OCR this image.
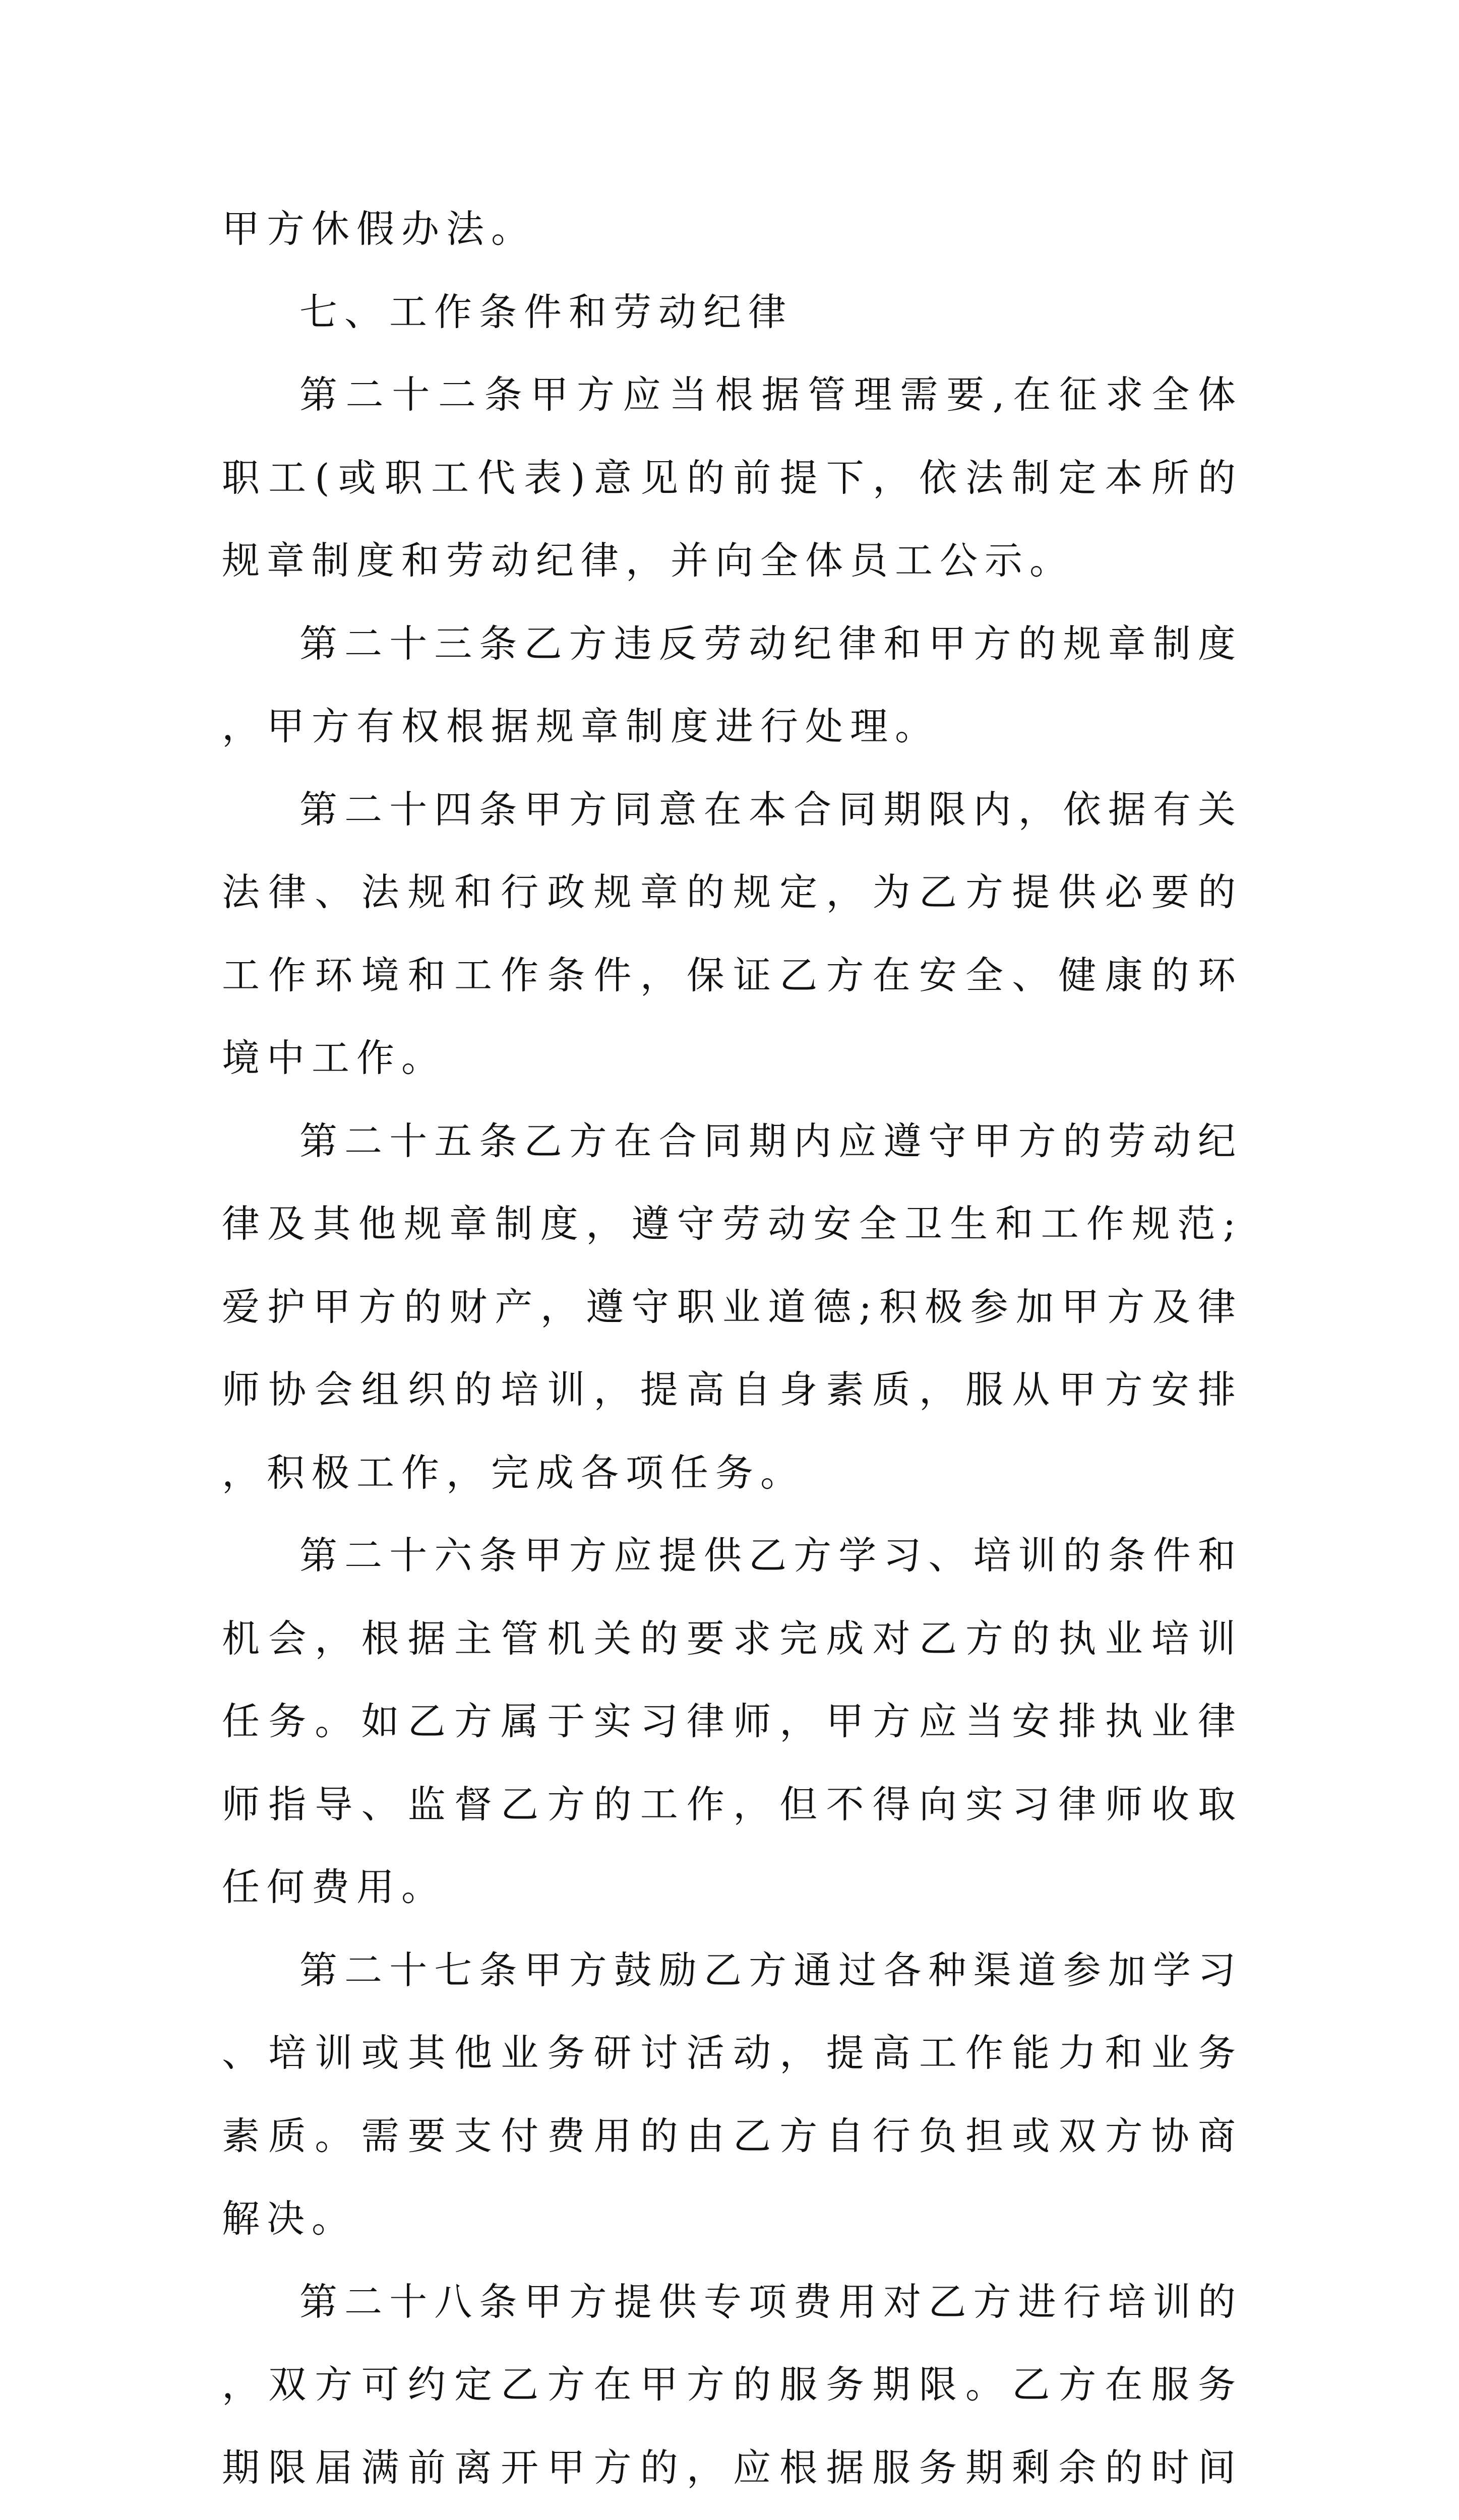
甲方休假办法。

七、工作条件和劳动纪律

第二十二条甲方应当根据管理需要,在征求全体职工(或职工代表)意见的前提下，依法制定本所的规章制度和劳动纪律，并向全体员工公示。

第二十三条乙方违反劳动纪律和甲方的规章制度，甲方有权根据规章制度进行处理。

第二十四条甲方同意在本合同期限内，依据有关法律、法规和行政规章的规定，为乙方提供必要的工作环境和工作条件，保证乙方在安全、健康的环境中工作。

第二十五条乙方在合同期内应遵守甲方的劳动纪律及其他规章制度，遵守劳动安全卫生和工作规范;爱护甲方的财产，遵守职业道德;积极参加甲方及律师协会组织的培训，提高自身素质，服从甲方安排，积极工作，完成各项任务。

第二十六条甲方应提供乙方学习、培训的条件和机会，根据主管机关的要求完成对乙方的执业培训任务。如乙方属于实习律师，甲方应当安排执业律师指导、监督乙方的工作，但不得向实习律师收取任何费用。

第二十七条甲方鼓励乙方通过各种渠道参加学习、培训或其他业务研讨活动，提高工作能力和业务素质。需要支付费用的由乙方自行负担或双方协商解决。

第二十八条甲方提供专项费用对乙方进行培训的，双方可约定乙方在甲方的服务期限。乙方在服务期限届满前离开甲方的，应根据服务期剩余的时间
